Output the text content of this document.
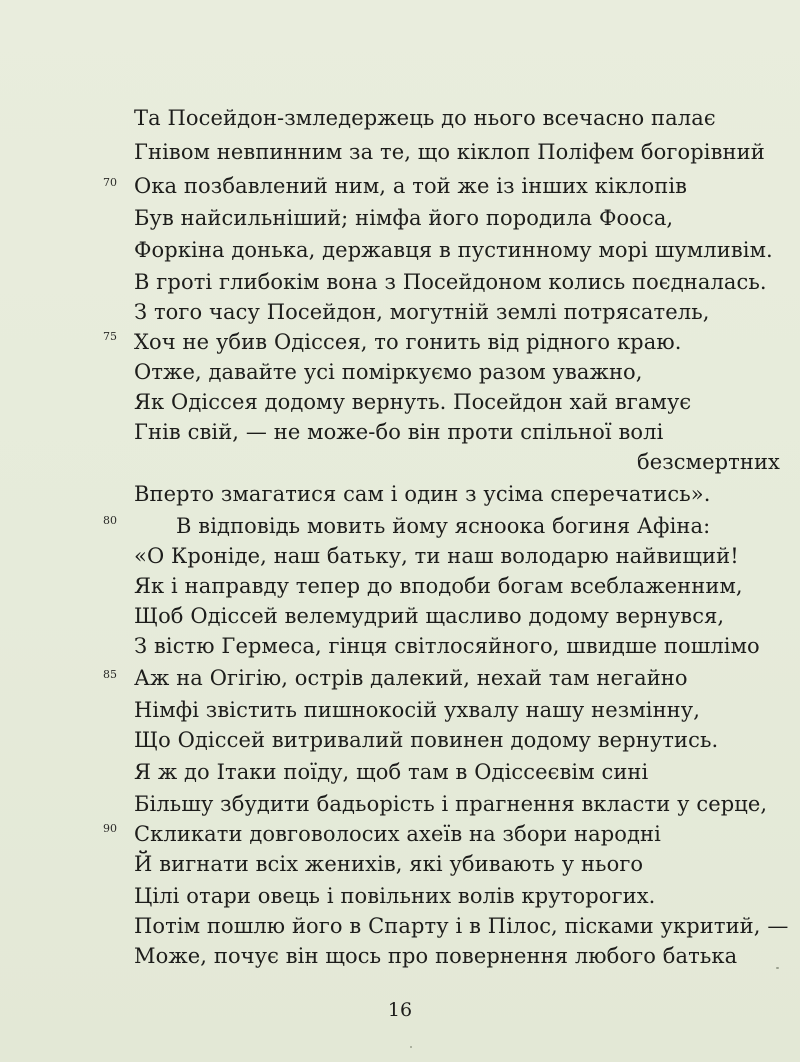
Та Посейдон-змледержець до нього всечасно палає
Гнівом невпинним за те, що кіклоп Поліфем богорівний
Ока позбавлений ним, а той же із інших кіклопів
Був найсильніший; німфа його породила Фооса,
Форкіна донька, державця в пустинному морі шумливім.
В гроті глибокім вона з Посейдоном колись поєдналась.
З того часу Посейдон, могутній землі потрясатель,
Хоч не убив Одіссея, то гонить від рідного краю.
Отже, давайте усі поміркуємо разом уважно,
Як Одіссея додому вернуть. Посейдон хай вгамує
Гнів свій, — не може-бо він проти спільної волі
безсмертних
Вперто змагатися сам і один з усіма сперечатись».
В відповідь мовить йому ясноока богиня Афіна:
«О Кроніде, наш батьку, ти наш володарю найвищий!
Як і направду тепер до вподоби богам всеблаженним,
Щоб Одіссей велемудрий щасливо додому вернувся,
З вістю Гермеса, гінця світлосяйного, швидше пошлімо
Аж на Огігію, острів далекий, нехай там негайно
Німфі звістить пишнокосій ухвалу нашу незмінну,
Що Одіссей витривалий повинен додому вернутись.
Я ж до Ітаки поїду, щоб там в Одіссеєвім сині
Більшу збудити бадьорість і прагнення вкласти у серце,
Скликати довговолосих ахеїв на збори народні
Й вигнати всіх женихів, які убивають у нього
Цілі отари овець і повільних волів круторогих.
Потім пошлю його в Спарту і в Пілос, пісками укритий, —
Може, почує він щось про повернення любого батька
70
75
80
85
90
16
